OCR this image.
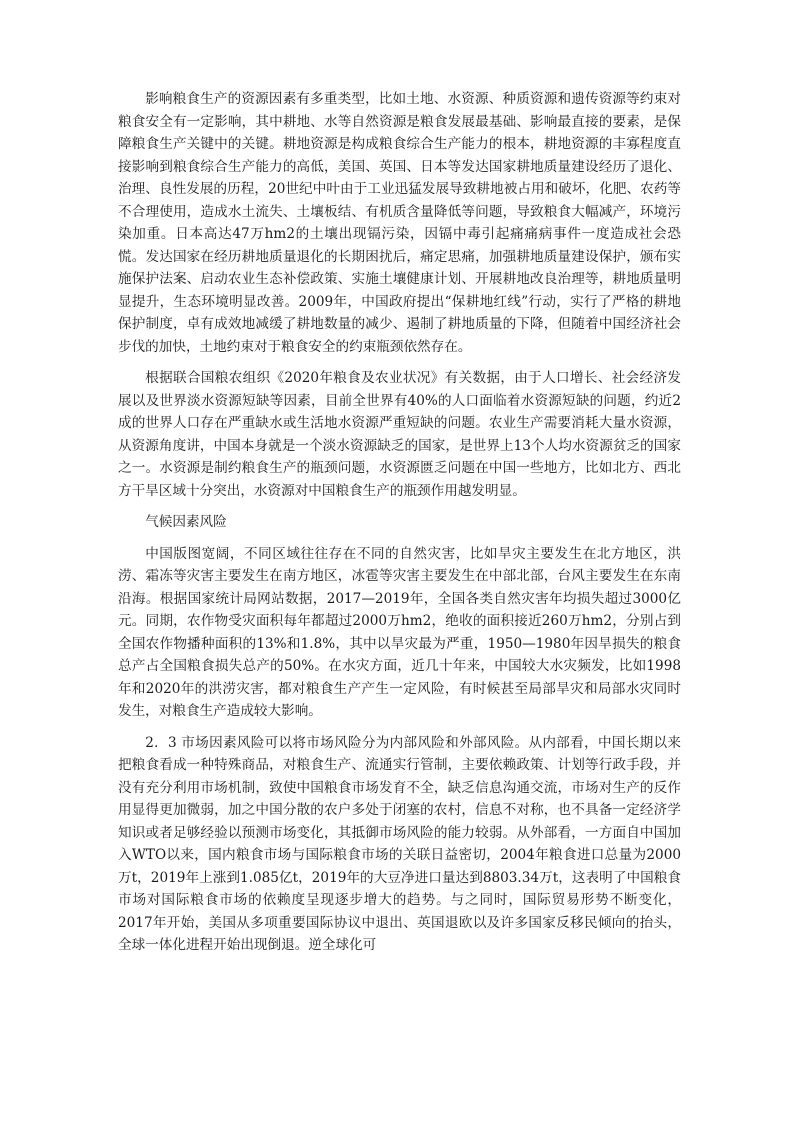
影响粮食生产的资源因素有多重类型，比如土地、水资源、种质资源和遗传资源等约束对粮食安全有一定影响，其中耕地、水等自然资源是粮食发展最基础、影响最直接的要素，是保障粮食生产关键中的关键。耕地资源是构成粮食综合生产能力的根本，耕地资源的丰寡程度直接影响到粮食综合生产能力的高低，美国、英国、日本等发达国家耕地质量建设经历了退化、治理、良性发展的历程，20世纪中叶由于工业迅猛发展导致耕地被占用和破坏，化肥、农药等不合理使用，造成水土流失、土壤板结、有机质含量降低等问题，导致粮食大幅减产，环境污染加重。日本高达47万hm2的土壤出现镉污染，因镉中毒引起痛痛病事件一度造成社会恐慌。发达国家在经历耕地质量退化的长期困扰后，痛定思痛，加强耕地质量建设保护，颁布实施保护法案、启动农业生态补偿政策、实施土壤健康计划、开展耕地改良治理等，耕地质量明显提升，生态环境明显改善。2009年，中国政府提出“保耕地红线”行动，实行了严格的耕地保护制度，卓有成效地减缓了耕地数量的减少、遏制了耕地质量的下降，但随着中国经济社会步伐的加快，土地约束对于粮食安全的约束瓶颈依然存在。

根据联合国粮农组织《2020年粮食及农业状况》有关数据，由于人口增长、社会经济发展以及世界淡水资源短缺等因素，目前全世界有40%的人口面临着水资源短缺的问题，约近2成的世界人口存在严重缺水或生活地水资源严重短缺的问题。农业生产需要消耗大量水资源，从资源角度讲，中国本身就是一个淡水资源缺乏的国家，是世界上13个人均水资源贫乏的国家之一。水资源是制约粮食生产的瓶颈问题，水资源匮乏问题在中国一些地方，比如北方、西北方干旱区域十分突出，水资源对中国粮食生产的瓶颈作用越发明显。

气候因素风险

中国版图宽阔，不同区域往往存在不同的自然灾害，比如旱灾主要发生在北方地区，洪涝、霜冻等灾害主要发生在南方地区，冰雹等灾害主要发生在中部北部，台风主要发生在东南沿海。根据国家统计局网站数据，2017—2019年，全国各类自然灾害年均损失超过3000亿元。同期，农作物受灾面积每年都超过2000万hm2，绝收的面积接近260万hm2，分别占到全国农作物播种面积的13%和1.8%，其中以旱灾最为严重，1950—1980年因旱损失的粮食总产占全国粮食损失总产的50%。在水灾方面，近几十年来，中国较大水灾频发，比如1998年和2020年的洪涝灾害，都对粮食生产产生一定风险，有时候甚至局部旱灾和局部水灾同时发生，对粮食生产造成较大影响。

2．3 市场因素风险可以将市场风险分为内部风险和外部风险。从内部看，中国长期以来把粮食看成一种特殊商品，对粮食生产、流通实行管制，主要依赖政策、计划等行政手段，并没有充分利用市场机制，致使中国粮食市场发育不全，缺乏信息沟通交流，市场对生产的反作用显得更加微弱，加之中国分散的农户多处于闭塞的农村，信息不对称，也不具备一定经济学知识或者足够经验以预测市场变化，其抵御市场风险的能力较弱。从外部看，一方面自中国加入WTO以来，国内粮食市场与国际粮食市场的关联日益密切，2004年粮食进口总量为2000万t，2019年上涨到1.085亿t，2019年的大豆净进口量达到8803.34万t，这表明了中国粮食市场对国际粮食市场的依赖度呈现逐步增大的趋势。与之同时，国际贸易形势不断变化，2017年开始，美国从多项重要国际协议中退出、英国退欧以及许多国家反移民倾向的抬头，全球一体化进程开始出现倒退。逆全球化可
